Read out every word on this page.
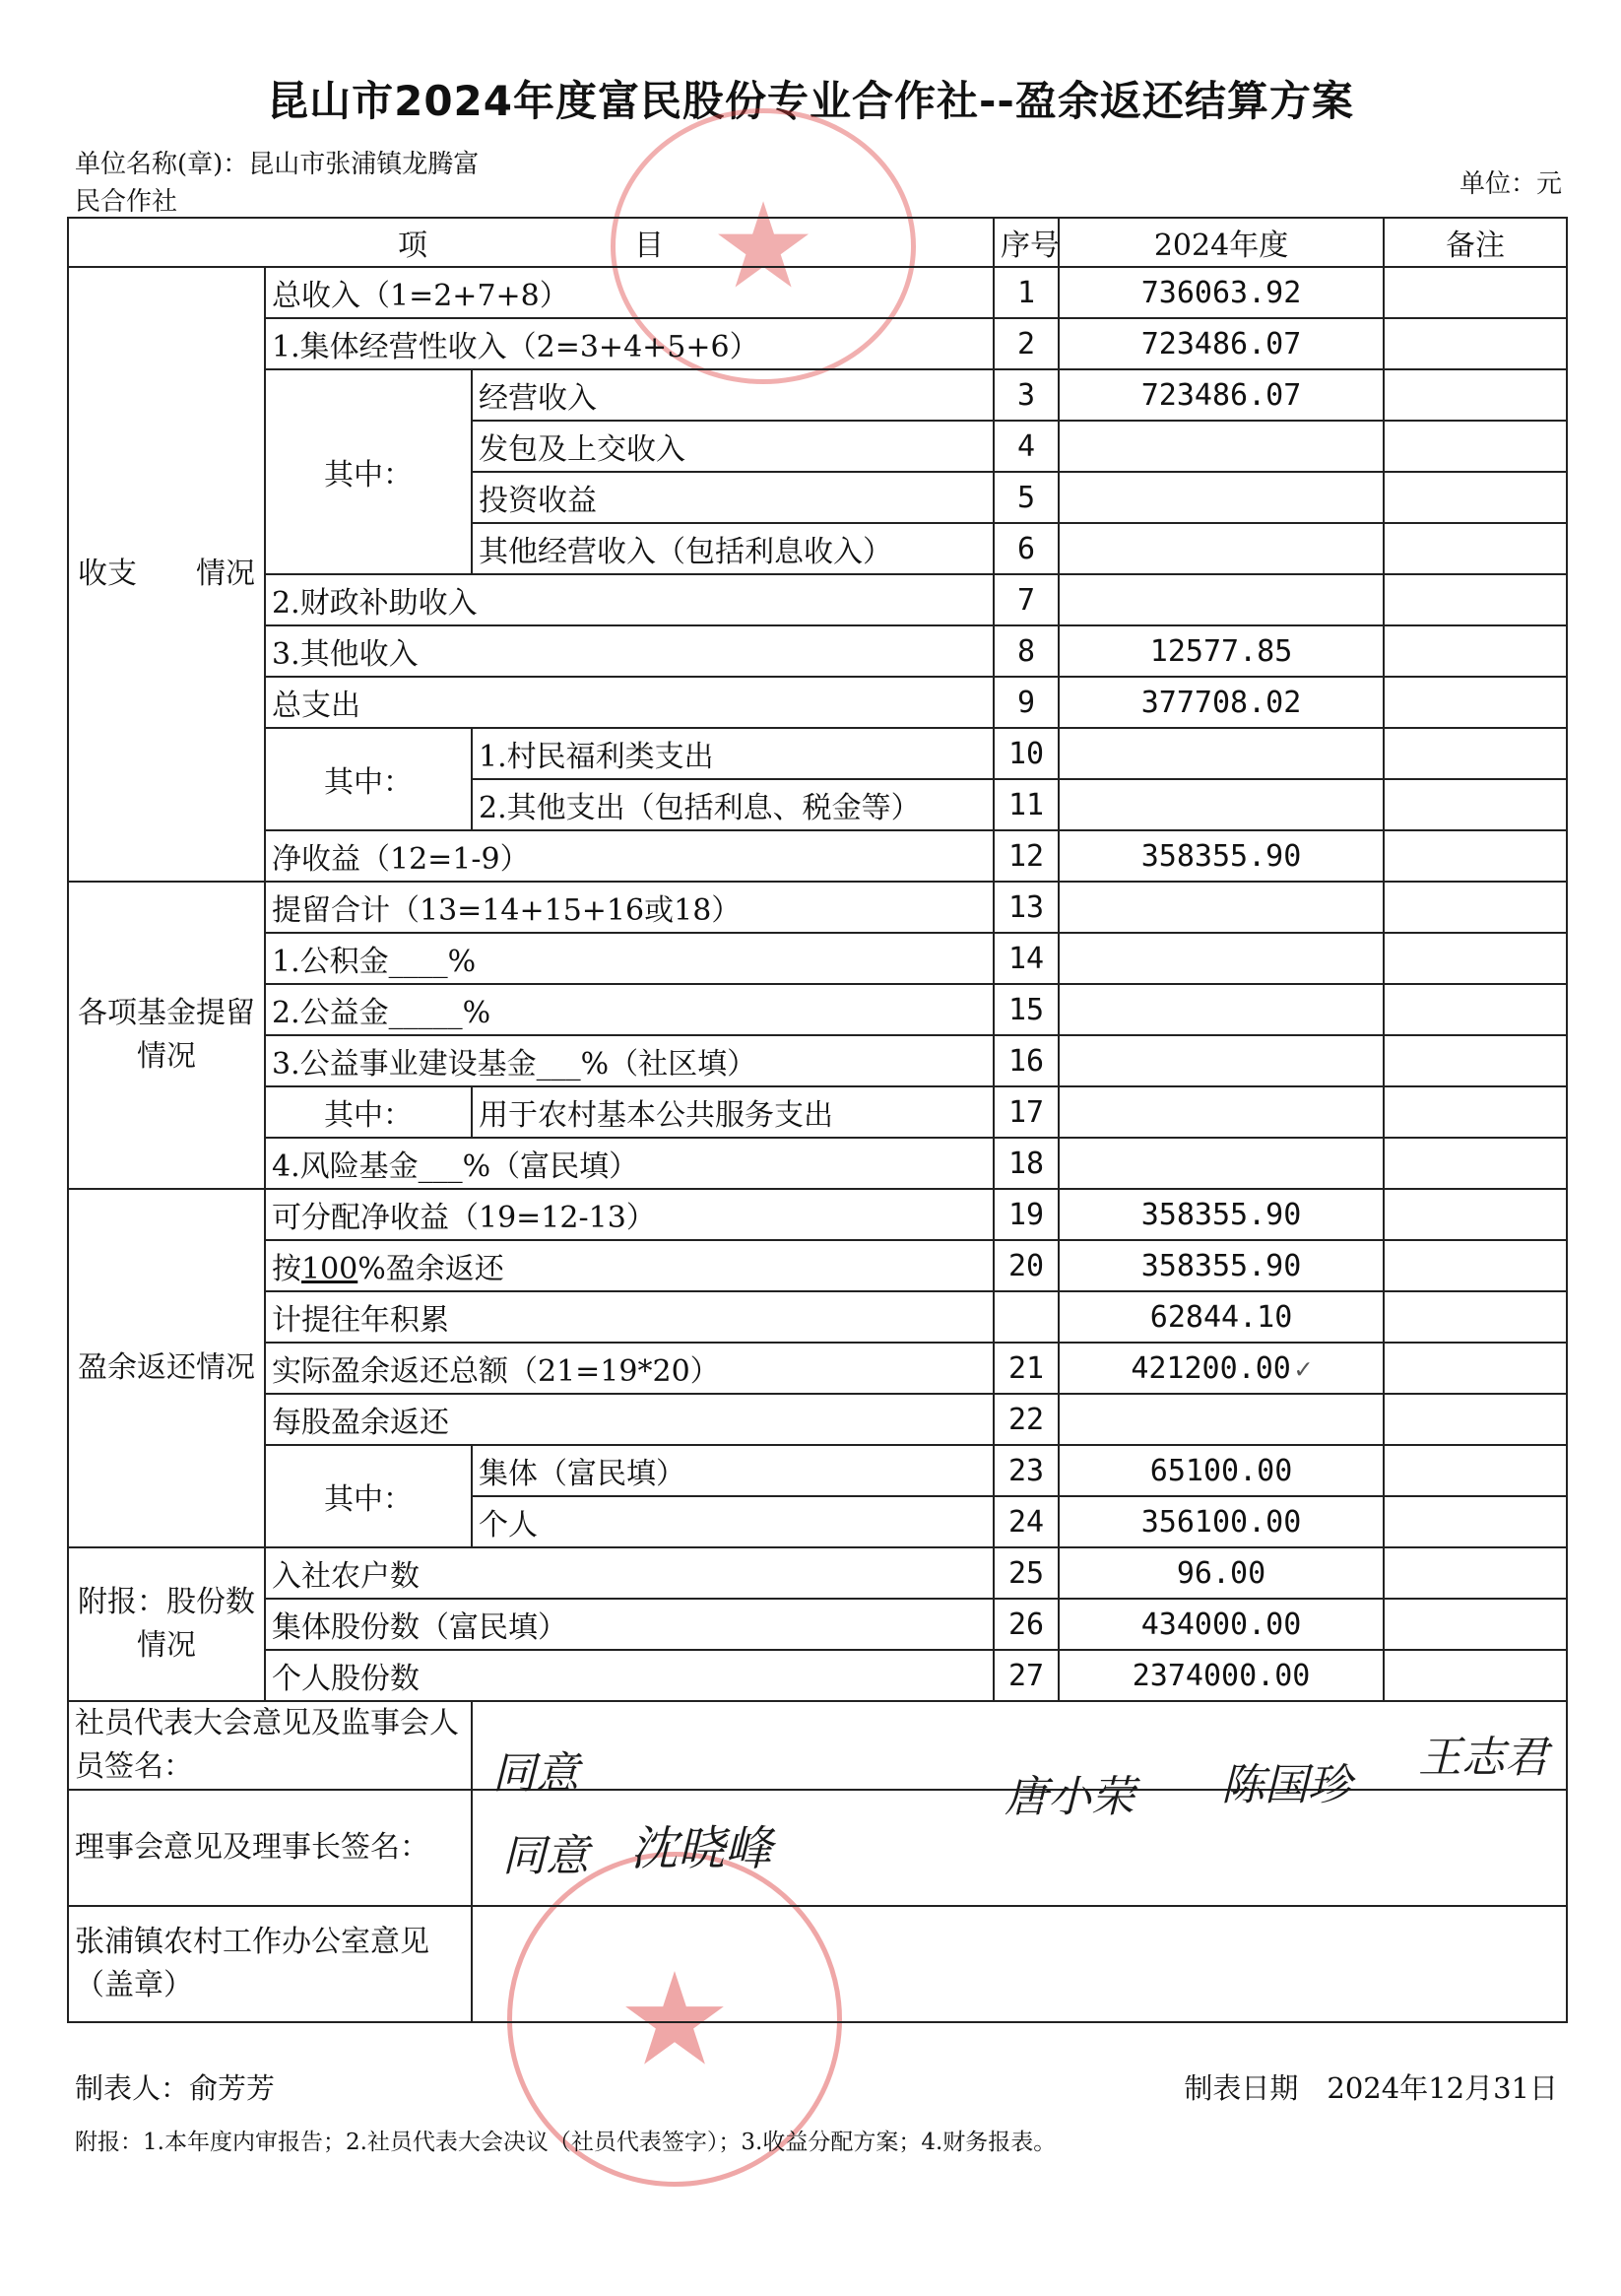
昆山市2024年度富民股份专业合作社--盈余返还结算方案
单位名称(章)：昆山市张浦镇龙腾富民合作社
单位：元
★
★
项　　　　　　　目			序号	2024年度	备注
收支　　情况	总收入（1=2+7+8）		1	736063.92	
	1.集体经营性收入（2=3+4+5+6）		2	723486.07	
	其中：	经营收入	3	723486.07	
		发包及上交收入	4		
		投资收益	5		
		其他经营收入（包括利息收入）	6		
	2.财政补助收入		7		
	3.其他收入		8	12577.85	
	总支出		9	377708.02	
	其中：	1.村民福利类支出	10		
		2.其他支出（包括利息、税金等）	11		
	净收益（12=1-9）		12	358355.90	
各项基金提留情况	提留合计（13=14+15+16或18）		13		
	1.公积金____%		14		
	2.公益金_____%		15		
	3.公益事业建设基金___%（社区填）		16		
	其中：	用于农村基本公共服务支出	17		
	4.风险基金___%（富民填）		18		
盈余返还情况	可分配净收益（19=12-13）		19	358355.90	
	按100%盈余返还		20	358355.90	
	计提往年积累			62844.10	
	实际盈余返还总额（21=19*20）		21	421200.00 ✓	
	每股盈余返还		22		
	其中：	集体（富民填）	23	65100.00	
		个人	24	356100.00	
附报：股份数情况	入社农户数		25	96.00	
	集体股份数（富民填）		26	434000.00	
	个人股份数		27	2374000.00	
社员代表大会意见及监事会人员签名：		同意 唐小荣 陈国珍
王志君			

理事会意见及理事长签名：		同意 沈晓峰			

张浦镇农村工作办公室意见（盖章）					
制表人：俞芳芳	制表日期　2024年12月31日
附报：1.本年度内审报告；2.社员代表大会决议（社员代表签字）；3.收益分配方案；4.财务报表。
